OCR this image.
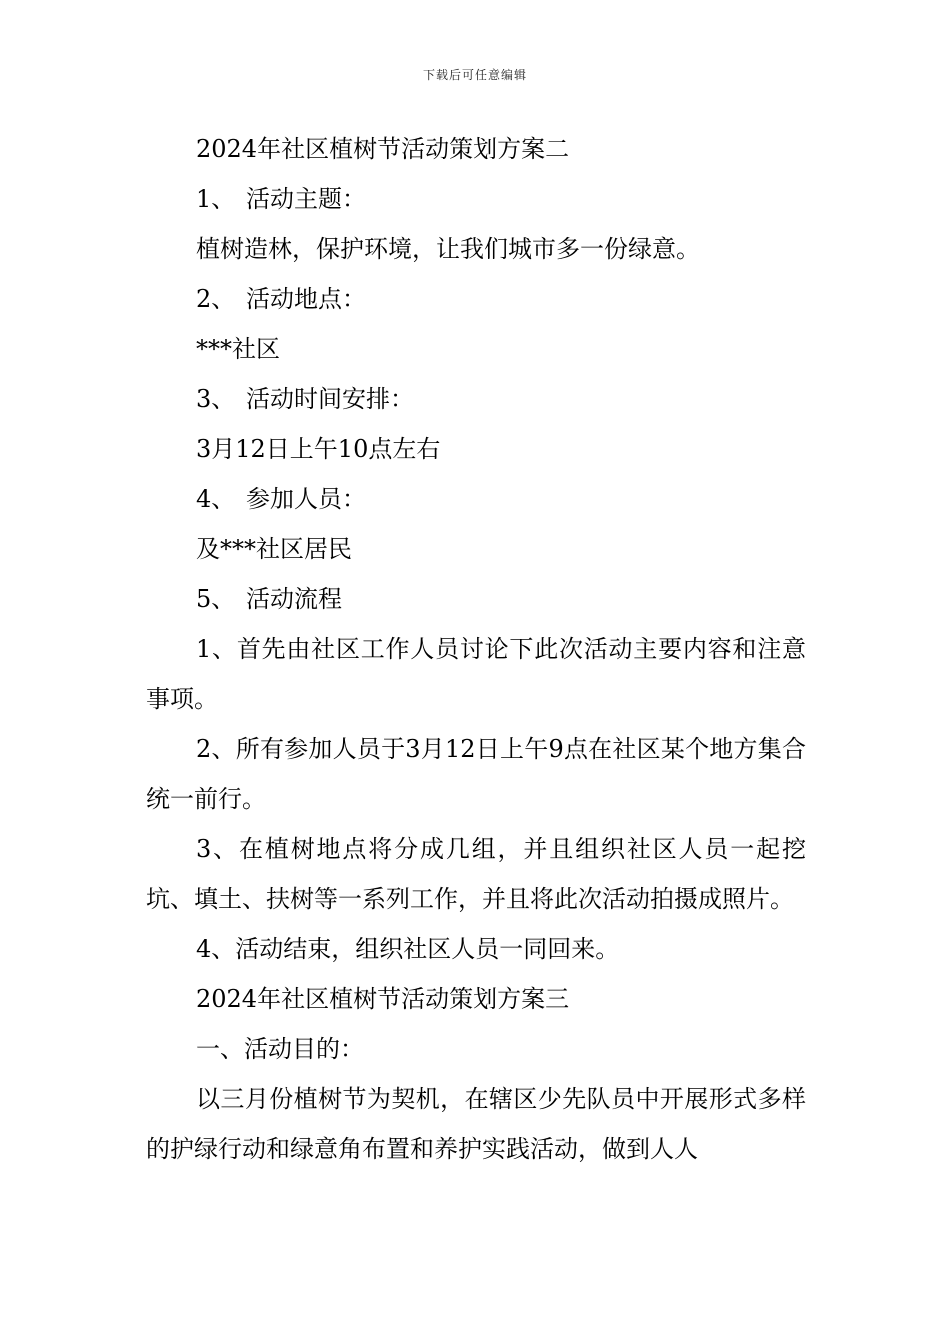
下载后可任意编辑
2024年社区植树节活动策划方案二
1、 活动主题：
植树造林，保护环境，让我们城市多一份绿意。
2、 活动地点：
***社区
3、 活动时间安排：
3月12日上午10点左右
4、 参加人员：
及***社区居民
5、 活动流程
1、首先由社区工作人员讨论下此次活动主要内容和注意事项。
2、所有参加人员于3月12日上午9点在社区某个地方集合统一前行。
3、在植树地点将分成几组，并且组织社区人员一起挖坑、填土、扶树等一系列工作，并且将此次活动拍摄成照片。
4、活动结束，组织社区人员一同回来。
2024年社区植树节活动策划方案三
一、活动目的：
以三月份植树节为契机，在辖区少先队员中开展形式多样的护绿行动和绿意角布置和养护实践活动，做到人人
